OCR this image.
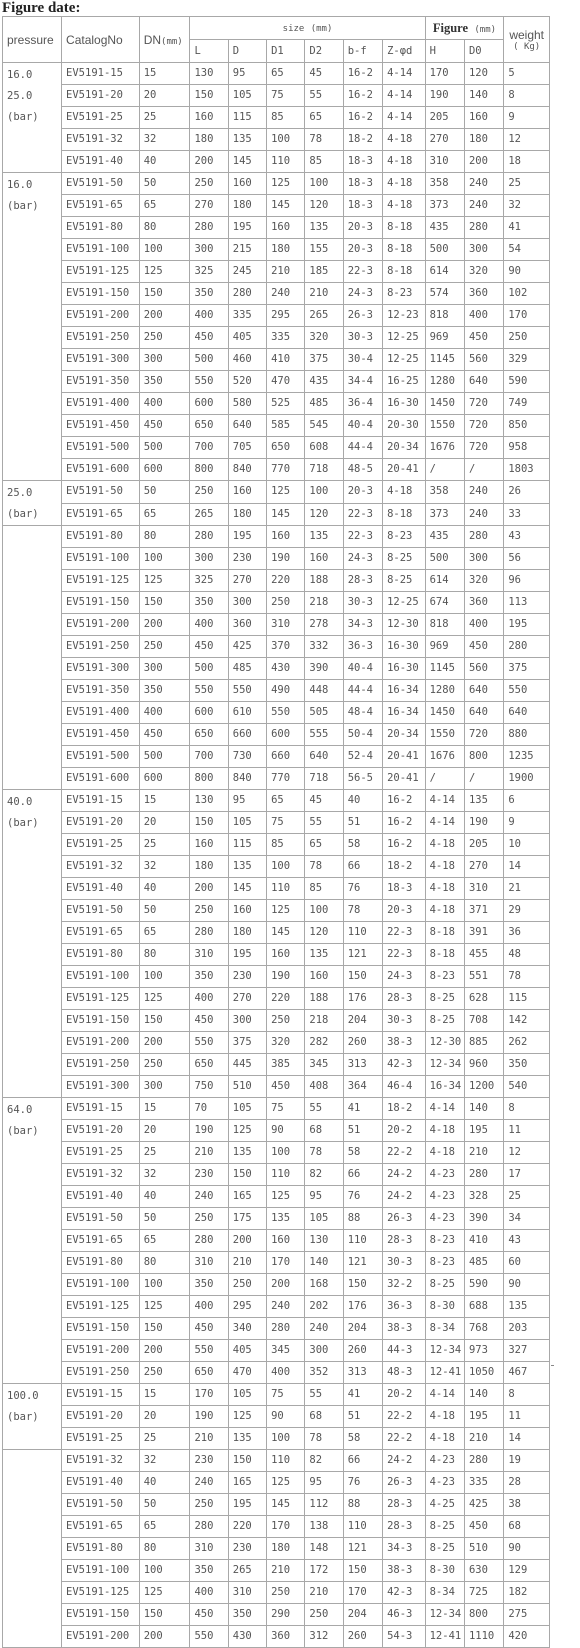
Figure date:
pressure	CatalogNo	DN(mm)	size (mm)						Figure (mm)		weight
( Kg)

			L	D	D1	D2	b-f	Z-φd	H	D0	

16.0
25.0
(bar)	EV5191-15	15	130	95	65	45	16-2	4-14	170	120	5
	EV5191-20	20	150	105	75	55	16-2	4-14	190	140	8
	EV5191-25	25	160	115	85	65	16-2	4-14	205	160	9
	EV5191-32	32	180	135	100	78	18-2	4-18	270	180	12
	EV5191-40	40	200	145	110	85	18-3	4-18	310	200	18

16.0
(bar)	EV5191-50	50	250	160	125	100	18-3	4-18	358	240	25
	EV5191-65	65	270	180	145	120	18-3	4-18	373	240	32
	EV5191-80	80	280	195	160	135	20-3	8-18	435	280	41
	EV5191-100	100	300	215	180	155	20-3	8-18	500	300	54
	EV5191-125	125	325	245	210	185	22-3	8-18	614	320	90
	EV5191-150	150	350	280	240	210	24-3	8-23	574	360	102
	EV5191-200	200	400	335	295	265	26-3	12-23	818	400	170
	EV5191-250	250	450	405	335	320	30-3	12-25	969	450	250
	EV5191-300	300	500	460	410	375	30-4	12-25	1145	560	329
	EV5191-350	350	550	520	470	435	34-4	16-25	1280	640	590
	EV5191-400	400	600	580	525	485	36-4	16-30	1450	720	749
	EV5191-450	450	650	640	585	545	40-4	20-30	1550	720	850
	EV5191-500	500	700	705	650	608	44-4	20-34	1676	720	958
	EV5191-600	600	800	840	770	718	48-5	20-41	/	/	1803

25.0
(bar)	EV5191-50	50	250	160	125	100	20-3	4-18	358	240	26
	EV5191-65	65	265	180	145	120	22-3	8-18	373	240	33
	EV5191-80	80	280	195	160	135	22-3	8-23	435	280	43
	EV5191-100	100	300	230	190	160	24-3	8-25	500	300	56
	EV5191-125	125	325	270	220	188	28-3	8-25	614	320	96
	EV5191-150	150	350	300	250	218	30-3	12-25	674	360	113
	EV5191-200	200	400	360	310	278	34-3	12-30	818	400	195
	EV5191-250	250	450	425	370	332	36-3	16-30	969	450	280
	EV5191-300	300	500	485	430	390	40-4	16-30	1145	560	375
	EV5191-350	350	550	550	490	448	44-4	16-34	1280	640	550
	EV5191-400	400	600	610	550	505	48-4	16-34	1450	640	640
	EV5191-450	450	650	660	600	555	50-4	20-34	1550	720	880
	EV5191-500	500	700	730	660	640	52-4	20-41	1676	800	1235
	EV5191-600	600	800	840	770	718	56-5	20-41	/	/	1900

40.0
(bar)	EV5191-15	15	130	95	65	45	40	16-2	4-14	135	6
	EV5191-20	20	150	105	75	55	51	16-2	4-14	190	9
	EV5191-25	25	160	115	85	65	58	16-2	4-18	205	10
	EV5191-32	32	180	135	100	78	66	18-2	4-18	270	14
	EV5191-40	40	200	145	110	85	76	18-3	4-18	310	21
	EV5191-50	50	250	160	125	100	78	20-3	4-18	371	29
	EV5191-65	65	280	180	145	120	110	22-3	8-18	391	36
	EV5191-80	80	310	195	160	135	121	22-3	8-18	455	48
	EV5191-100	100	350	230	190	160	150	24-3	8-23	551	78
	EV5191-125	125	400	270	220	188	176	28-3	8-25	628	115
	EV5191-150	150	450	300	250	218	204	30-3	8-25	708	142
	EV5191-200	200	550	375	320	282	260	38-3	12-30	885	262
	EV5191-250	250	650	445	385	345	313	42-3	12-34	960	350
	EV5191-300	300	750	510	450	408	364	46-4	16-34	1200	540

64.0
(bar)	EV5191-15	15	70	105	75	55	41	18-2	4-14	140	8
	EV5191-20	20	190	125	90	68	51	20-2	4-18	195	11
	EV5191-25	25	210	135	100	78	58	22-2	4-18	210	12
	EV5191-32	32	230	150	110	82	66	24-2	4-23	280	17
	EV5191-40	40	240	165	125	95	76	24-2	4-23	328	25
	EV5191-50	50	250	175	135	105	88	26-3	4-23	390	34
	EV5191-65	65	280	200	160	130	110	28-3	8-23	410	43
	EV5191-80	80	310	210	170	140	121	30-3	8-23	485	60
	EV5191-100	100	350	250	200	168	150	32-2	8-25	590	90
	EV5191-125	125	400	295	240	202	176	36-3	8-30	688	135
	EV5191-150	150	450	340	280	240	204	38-3	8-34	768	203
	EV5191-200	200	550	405	345	300	260	44-3	12-34	973	327
	EV5191-250	250	650	470	400	352	313	48-3	12-41	1050	467

100.0
(bar)	EV5191-15	15	170	105	75	55	41	20-2	4-14	140	8
	EV5191-20	20	190	125	90	68	51	22-2	4-18	195	11
	EV5191-25	25	210	135	100	78	58	22-2	4-18	210	14
	EV5191-32	32	230	150	110	82	66	24-2	4-23	280	19
	EV5191-40	40	240	165	125	95	76	26-3	4-23	335	28
	EV5191-50	50	250	195	145	112	88	28-3	4-25	425	38
	EV5191-65	65	280	220	170	138	110	28-3	8-25	450	68
	EV5191-80	80	310	230	180	148	121	34-3	8-25	510	90
	EV5191-100	100	350	265	210	172	150	38-3	8-30	630	129
	EV5191-125	125	400	310	250	210	170	42-3	8-34	725	182
	EV5191-150	150	450	350	290	250	204	46-3	12-34	800	275
	EV5191-200	200	550	430	360	312	260	54-3	12-41	1110	420
